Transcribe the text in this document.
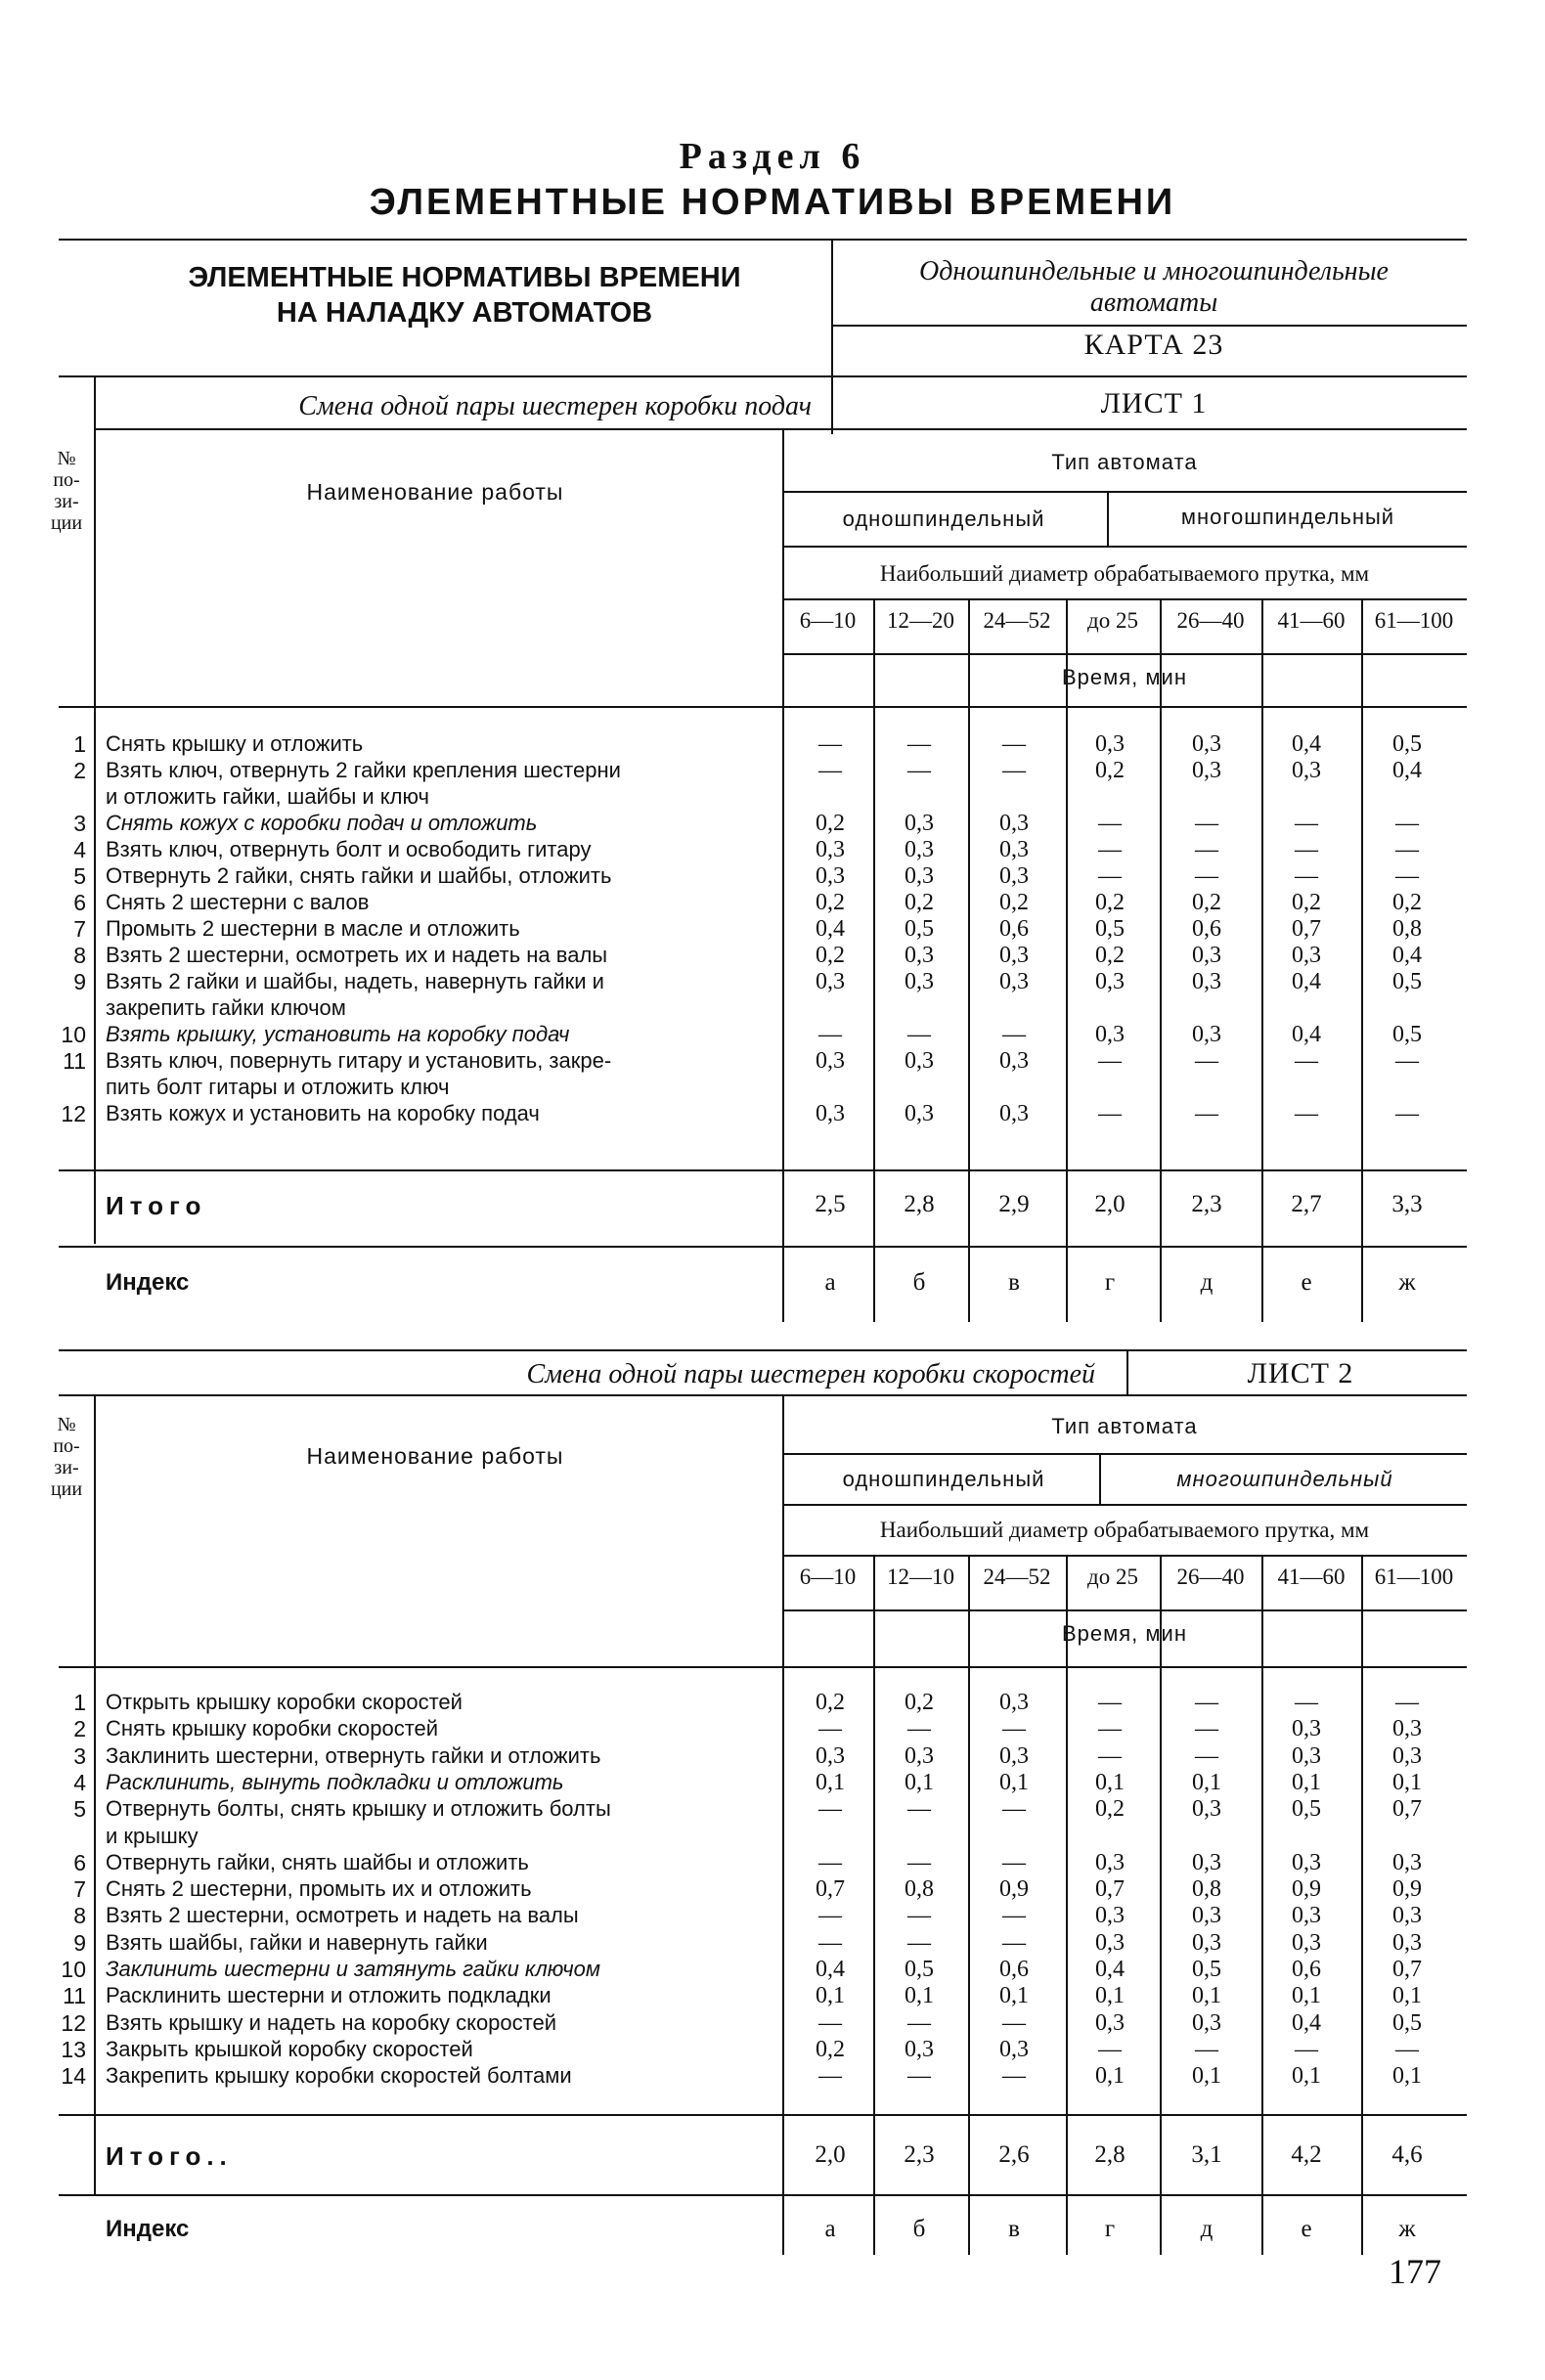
Раздел 6
ЭЛЕМЕНТНЫЕ НОРМАТИВЫ ВРЕМЕНИ
ЭЛЕМЕНТНЫЕ НОРМАТИВЫ ВРЕМЕНИ
НА НАЛАДКУ АВТОМАТОВ
Одношпиндельные и многошпиндельные
автоматы
КАРТА 23
Смена одной пары шестерен коробки подач	ЛИСТ 1
№
по-
зи-
ции
Наименование работы
Тип автомата
одношпиндельный	многошпиндельный
Наибольший диаметр обрабатываемого прутка, мм
6—10	12—20	24—52	до 25	26—40	41—60	61—100
Время, мин
1 Снять крышку и отложить	—	—	—	0,3	0,3	0,4	0,5
2 Взять ключ, отвернуть 2 гайки крепления шестерни	—	—	—	0,2	0,3	0,3	0,4
и отложить гайки, шайбы и ключ
3 Снять кожух с коробки подач и отложить	0,2	0,3	0,3	—	—	—	—
4 Взять ключ, отвернуть болт и освободить гитару	0,3	0,3	0,3	—	—	—	—
5 Отвернуть 2 гайки, снять гайки и шайбы, отложить	0,3	0,3	0,3	—	—	—	—
6 Снять 2 шестерни с валов	0,2	0,2	0,2	0,2	0,2	0,2	0,2
7 Промыть 2 шестерни в масле и отложить	0,4	0,5	0,6	0,5	0,6	0,7	0,8
8 Взять 2 шестерни, осмотреть их и надеть на валы	0,2	0,3	0,3	0,2	0,3	0,3	0,4
9 Взять 2 гайки и шайбы, надеть, навернуть гайки и	0,3	0,3	0,3	0,3	0,3	0,4	0,5
закрепить гайки ключом
10 Взять крышку, установить на коробку подач	—	—	—	0,3	0,3	0,4	0,5
11 Взять ключ, повернуть гитару и установить, закре-	0,3	0,3	0,3	—	—	—	—
пить болт гитары и отложить ключ
12 Взять кожух и установить на коробку подач	0,3	0,3	0,3	—	—	—	—
Итого	2,5	2,8	2,9	2,0	2,3	2,7	3,3
Индекс	а	б	в	г	д	е	ж
Смена одной пары шестерен коробки скоростей	ЛИСТ 2
№
по-
зи-
ции
Наименование работы
Тип автомата
одношпиндельный	многошпиндельный
Наибольший диаметр обрабатываемого прутка, мм
6—10	12—10	24—52	до 25	26—40	41—60	61—100
Время, мин
1 Открыть крышку коробки скоростей	0,2	0,2	0,3	—	—	—	—
2 Снять крышку коробки скоростей	—	—	—	—	—	0,3	0,3
3 Заклинить шестерни, отвернуть гайки и отложить	0,3	0,3	0,3	—	—	0,3	0,3
4 Расклинить, вынуть подкладки и отложить	0,1	0,1	0,1	0,1	0,1	0,1	0,1
5 Отвернуть болты, снять крышку и отложить болты	—	—	—	0,2	0,3	0,5	0,7
и крышку
6 Отвернуть гайки, снять шайбы и отложить	—	—	—	0,3	0,3	0,3	0,3
7 Снять 2 шестерни, промыть их и отложить	0,7	0,8	0,9	0,7	0,8	0,9	0,9
8 Взять 2 шестерни, осмотреть и надеть на валы	—	—	—	0,3	0,3	0,3	0,3
9 Взять шайбы, гайки и навернуть гайки	—	—	—	0,3	0,3	0,3	0,3
10 Заклинить шестерни и затянуть гайки ключом	0,4	0,5	0,6	0,4	0,5	0,6	0,7
11 Расклинить шестерни и отложить подкладки	0,1	0,1	0,1	0,1	0,1	0,1	0,1
12 Взять крышку и надеть на коробку скоростей	—	—	—	0,3	0,3	0,4	0,5
13 Закрыть крышкой коробку скоростей	0,2	0,3	0,3	—	—	—	—
14 Закрепить крышку коробки скоростей болтами	—	—	—	0,1	0,1	0,1	0,1
Итого..	2,0	2,3	2,6	2,8	3,1	4,2	4,6
Индекс	а	б	в	г	д	е	ж
177
